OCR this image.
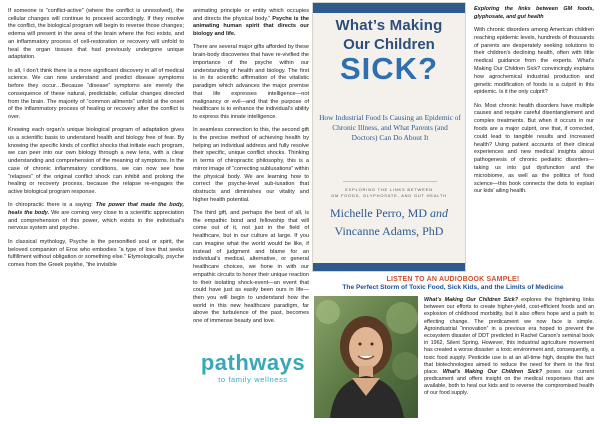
If someone is “conflict-active” (where the conflict is unresolved), the cellular changes will continue to proceed accordingly. If they resolve the conflict, the biological program will begin to reverse those changes; edema will present in the area of the brain where the foci exists, and an inflammatory process of cell-restoration or recovery will unfold to heal the organ tissues that had previously undergone unique adaptation.

In all, I don’t think there is a more significant discovery in all of medical science. We can now understand and predict disease symptoms before they occur…Because “disease” symptoms are merely the consequence of these natural, predictable, cellular changes directed from the brain. The majority of “common ailments” unfold at the onset of the inflammatory process of healing or recovery after the conflict is over.

Knowing each organ’s unique biological program of adaptation gives us a scientific basis to understand health and biology free of fear. By knowing the specific kinds of conflict shocks that initiate each program, we can peer into our own biology through a new lens, with a clear understanding and comprehension of the meaning of symptoms. In the case of chronic inflammatory conditions, we can now see how “relapses” of the original conflict shock can inhibit and prolong the healing or recovery process, because the relapse re-engages the active biological program response.

In chiropractic there is a saying: The power that made the body, heals the body. We are coming very close to a scientific appreciation and comprehension of this power, which exists in the individual’s nervous system and psyche.

In classical mythology, Psyche is the personified soul or spirit, the beloved companion of Eros who embodies “a type of love that seeks fulfillment without obligation or something else.” Etymologically, psyche comes from the Greek psykhe, “the invisible

animating principle or entity which occupies and directs the physical body.” Psyche is the animating human spirit that directs our biology and life.

There are several major gifts afforded by these brain-body discoveries that have re-vivified the importance of the psyche within our understanding of health and biology. The first is in its scientific affirmation of the vitalistic paradigm which advances the major premise that life expresses intelligence—not malignancy or evil—and that the purpose of healthcare is to enhance the individual’s ability to express this innate intelligence.

In seamless connection to this, the second gift is the precise method of achieving health by helping an individual address and fully resolve their specific, unique conflict shocks. Thinking in terms of chiropractic philosophy, this is a mirror image of “correcting subluxations” within the physical body. We are learning how to correct the psyche-level sub-luxation that obstructs and diminishes our vitality and higher health potential.

The third gift, and perhaps the best of all, is the empathic bond and fellowship that will come out of it, not just in the field of healthcare, but in our culture at large. If you can imagine what the world would be like, if instead of judgment and blame for an individual’s medical, alternative, or general healthcare choices, we hone in with our empathic circuits to honor their unique reaction to their isolating shock-event—an event that could have just as easily been ours in life—then you will begin to understand how the world in this new healthcare paradigm, far above the turbulence of the past, becomes one of immense beauty and love.

pathways
to family wellness
What’s Making
Our Children
SICK?
How Industrial Food Is Causing an Epidemic of Chronic Illness, and What Parents (and Doctors) Can Do About It
EXPLORING THE LINKS BETWEEN
GM FOODS, GLYPHOSATE, AND GUT HEALTH
Michelle Perro, MD and
Vincanne Adams, PhD

Exploring the links between GM foods, glyphosate, and gut health

With chronic disorders among American children reaching epidemic levels, hundreds of thousands of parents are desperately seeking solutions to their children’s declining health, often with little medical guidance from the experts. What’s Making Our Children Sick? convincingly explains how agrochemical industrial production and genetic modification of foods is a culprit in this epidemic. Is it the only culprit?

No. Most chronic health disorders have multiple causes and require careful disentanglement and complex treatments. But when it occurs in our foods are a major culprit, one that, if corrected, could lead to tangible results and increased health? Using patient accounts of their clinical experiences and new medical insights about pathogenesis of chronic pediatric disorders—taking us into gut dysfunction and the microbiome, as well as the politics of food science—this book connects the dots to explain our kids’ ailing health.

LISTEN TO AN AUDIOBOOK SAMPLE!
The Perfect Storm of Toxic Food, Sick Kids, and the Limits of Medicine

What’s Making Our Children Sick? explores the frightening links between our efforts to create higher-yield, cost-efficient foods and an explosion of childhood morbidity, but it also offers hope and a path to effecting change. The predicament we now face is simple. Agroindustrial “innovation” in a previous era hoped to prevent the ecosystem disaster of DDT predicted in Rachel Carson’s seminal book in 1962, Silent Spring. However, this industrial agriculture movement has created a worse disaster: a toxic environment and, consequently, a toxic food supply. Pesticide use is at an all-time high, despite the fact that biotechnologies aimed to reduce the need for them in the first place. What’s Making Our Children Sick? poses our current predicament and offers insight on the medical responses that are available, both to heal our kids and to reverse the compromised health of our food supply.
